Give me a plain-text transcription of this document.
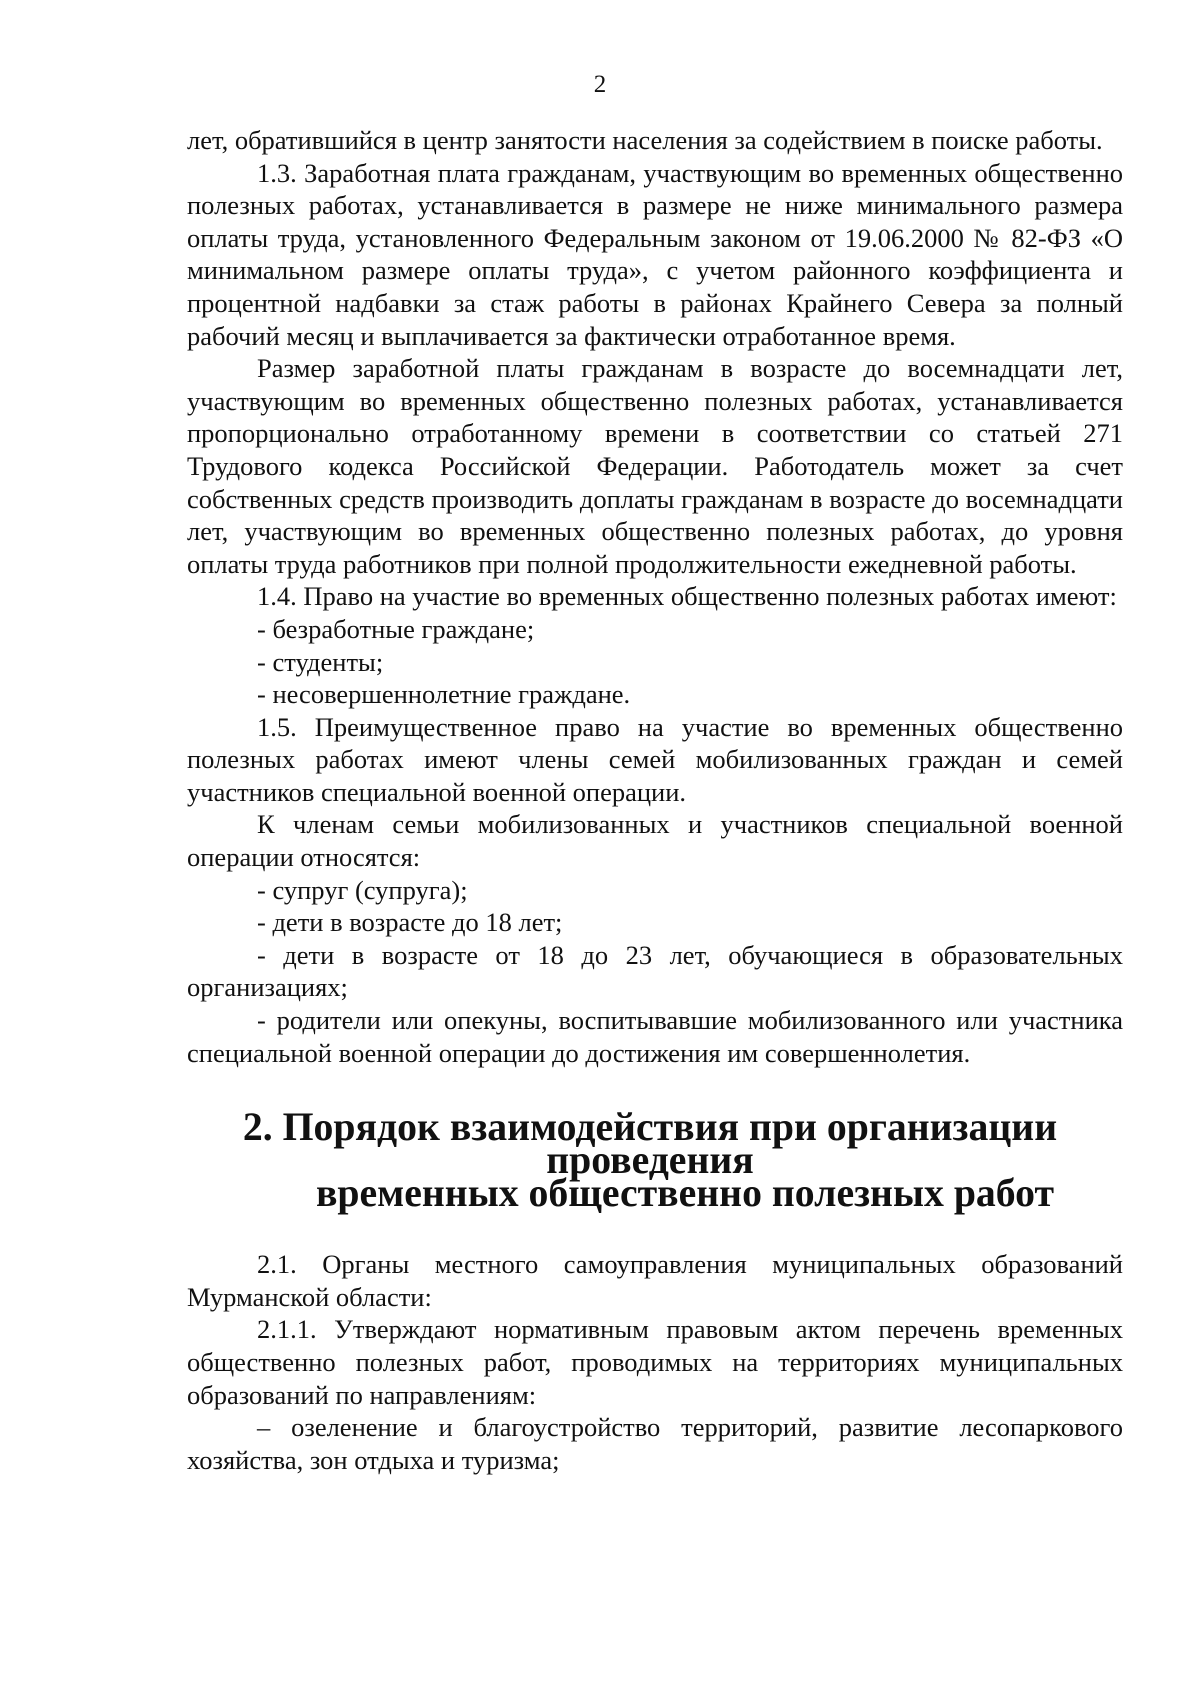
2

лет, обратившийся в центр занятости населения за содействием в поиске работы.

1.3. Заработная плата гражданам, участвующим во временных общественно полезных работах, устанавливается в размере не ниже минимального размера оплаты труда, установленного Федеральным законом от 19.06.2000 № 82-ФЗ «О минимальном размере оплаты труда», с учетом районного коэффициента и процентной надбавки за стаж работы в районах Крайнего Севера за полный рабочий месяц и выплачивается за фактически отработанное время.

Размер заработной платы гражданам в возрасте до восемнадцати лет, участвующим во временных общественно полезных работах, устанавливается пропорционально отработанному времени в соответствии со статьей 271 Трудового кодекса Российской Федерации. Работодатель может за счет собственных средств производить доплаты гражданам в возрасте до восемнадцати лет, участвующим во временных общественно полезных работах, до уровня оплаты труда работников при полной продолжительности ежедневной работы.

1.4. Право на участие во временных общественно полезных работах имеют:

- безработные граждане;

- студенты;

- несовершеннолетние граждане.

1.5. Преимущественное право на участие во временных общественно полезных работах имеют члены семей мобилизованных граждан и семей участников специальной военной операции.

К членам семьи мобилизованных и участников специальной военной операции относятся:

- супруг (супруга);

- дети в возрасте до 18 лет;

- дети в возрасте от 18 до 23 лет, обучающиеся в образовательных организациях;

- родители или опекуны, воспитывавшие мобилизованного или участника специальной военной операции до достижения им совершеннолетия.

2. Порядок взаимодействия при организации проведения
временных общественно полезных работ

2.1. Органы местного самоуправления муниципальных образований Мурманской области:

2.1.1. Утверждают нормативным правовым актом перечень временных общественно полезных работ, проводимых на территориях муниципальных образований по направлениям:

– озеленение и благоустройство территорий, развитие лесопаркового хозяйства, зон отдыха и туризма;
